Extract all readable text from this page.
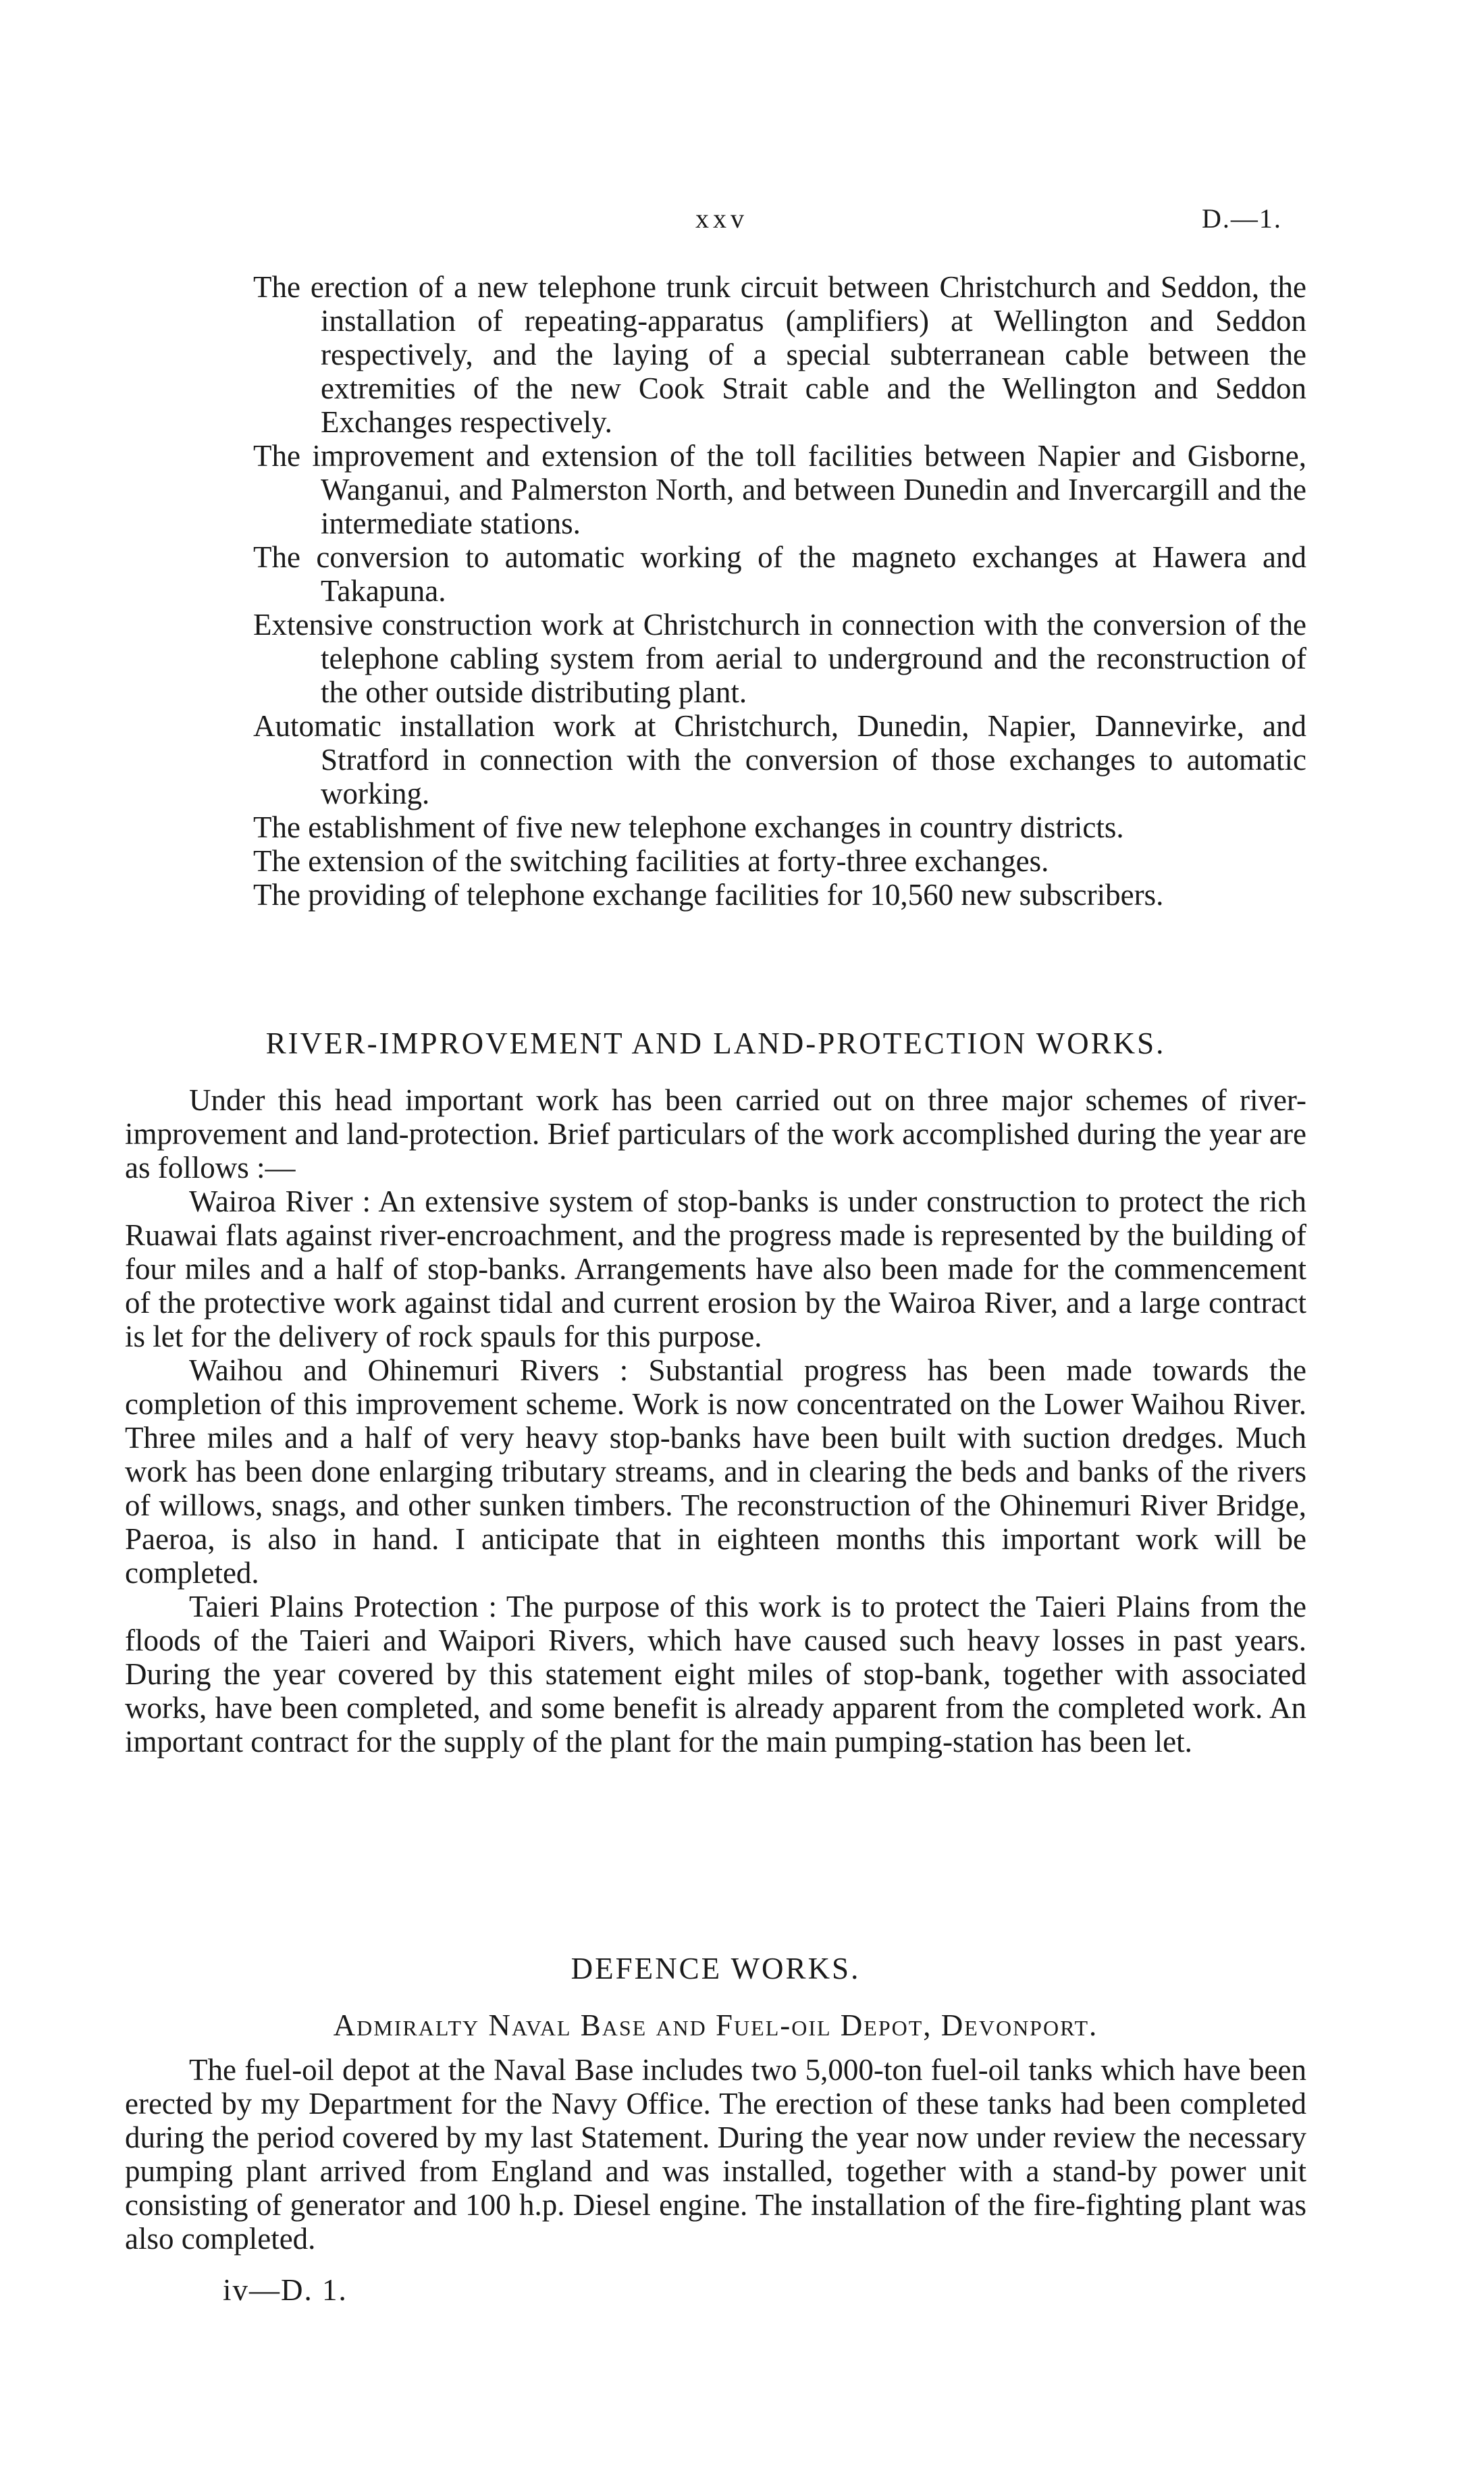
xxv	D.—1.

The erection of a new telephone trunk circuit between Christchurch and Seddon, the installation of repeating-apparatus (amplifiers) at Wellington and Seddon respectively, and the laying of a special subterranean cable between the extremities of the new Cook Strait cable and the Wellington and Seddon Exchanges respectively.

The improvement and extension of the toll facilities between Napier and Gisborne, Wanganui, and Palmerston North, and between Dunedin and Invercargill and the intermediate stations.

The conversion to automatic working of the magneto exchanges at Hawera and Takapuna.

Extensive construction work at Christchurch in connection with the conversion of the telephone cabling system from aerial to underground and the reconstruction of the other outside distributing plant.

Automatic installation work at Christchurch, Dunedin, Napier, Dannevirke, and Stratford in connection with the conversion of those exchanges to automatic working.

The establishment of five new telephone exchanges in country districts.

The extension of the switching facilities at forty-three exchanges.

The providing of telephone exchange facilities for 10,560 new subscribers.

RIVER-IMPROVEMENT AND LAND-PROTECTION WORKS.

Under this head important work has been carried out on three major schemes of river-improvement and land-protection. Brief particulars of the work accomplished during the year are as follows :—

Wairoa River : An extensive system of stop-banks is under construction to protect the rich Ruawai flats against river-encroachment, and the progress made is represented by the building of four miles and a half of stop-banks. Arrangements have also been made for the commencement of the protective work against tidal and current erosion by the Wairoa River, and a large contract is let for the delivery of rock spauls for this purpose.

Waihou and Ohinemuri Rivers : Substantial progress has been made towards the completion of this improvement scheme. Work is now concentrated on the Lower Waihou River. Three miles and a half of very heavy stop-banks have been built with suction dredges. Much work has been done enlarging tributary streams, and in clearing the beds and banks of the rivers of willows, snags, and other sunken timbers. The reconstruction of the Ohinemuri River Bridge, Paeroa, is also in hand. I anticipate that in eighteen months this important work will be completed.

Taieri Plains Protection : The purpose of this work is to protect the Taieri Plains from the floods of the Taieri and Waipori Rivers, which have caused such heavy losses in past years. During the year covered by this statement eight miles of stop-bank, together with associated works, have been completed, and some benefit is already apparent from the completed work. An important contract for the supply of the plant for the main pumping-station has been let.

DEFENCE WORKS.
Admiralty Naval Base and Fuel-oil Depot, Devonport.

The fuel-oil depot at the Naval Base includes two 5,000-ton fuel-oil tanks which have been erected by my Department for the Navy Office. The erection of these tanks had been completed during the period covered by my last Statement. During the year now under review the necessary pumping plant arrived from England and was installed, together with a stand-by power unit consisting of generator and 100 h.p. Diesel engine. The installation of the fire-fighting plant was also completed.

iv—D. 1.
